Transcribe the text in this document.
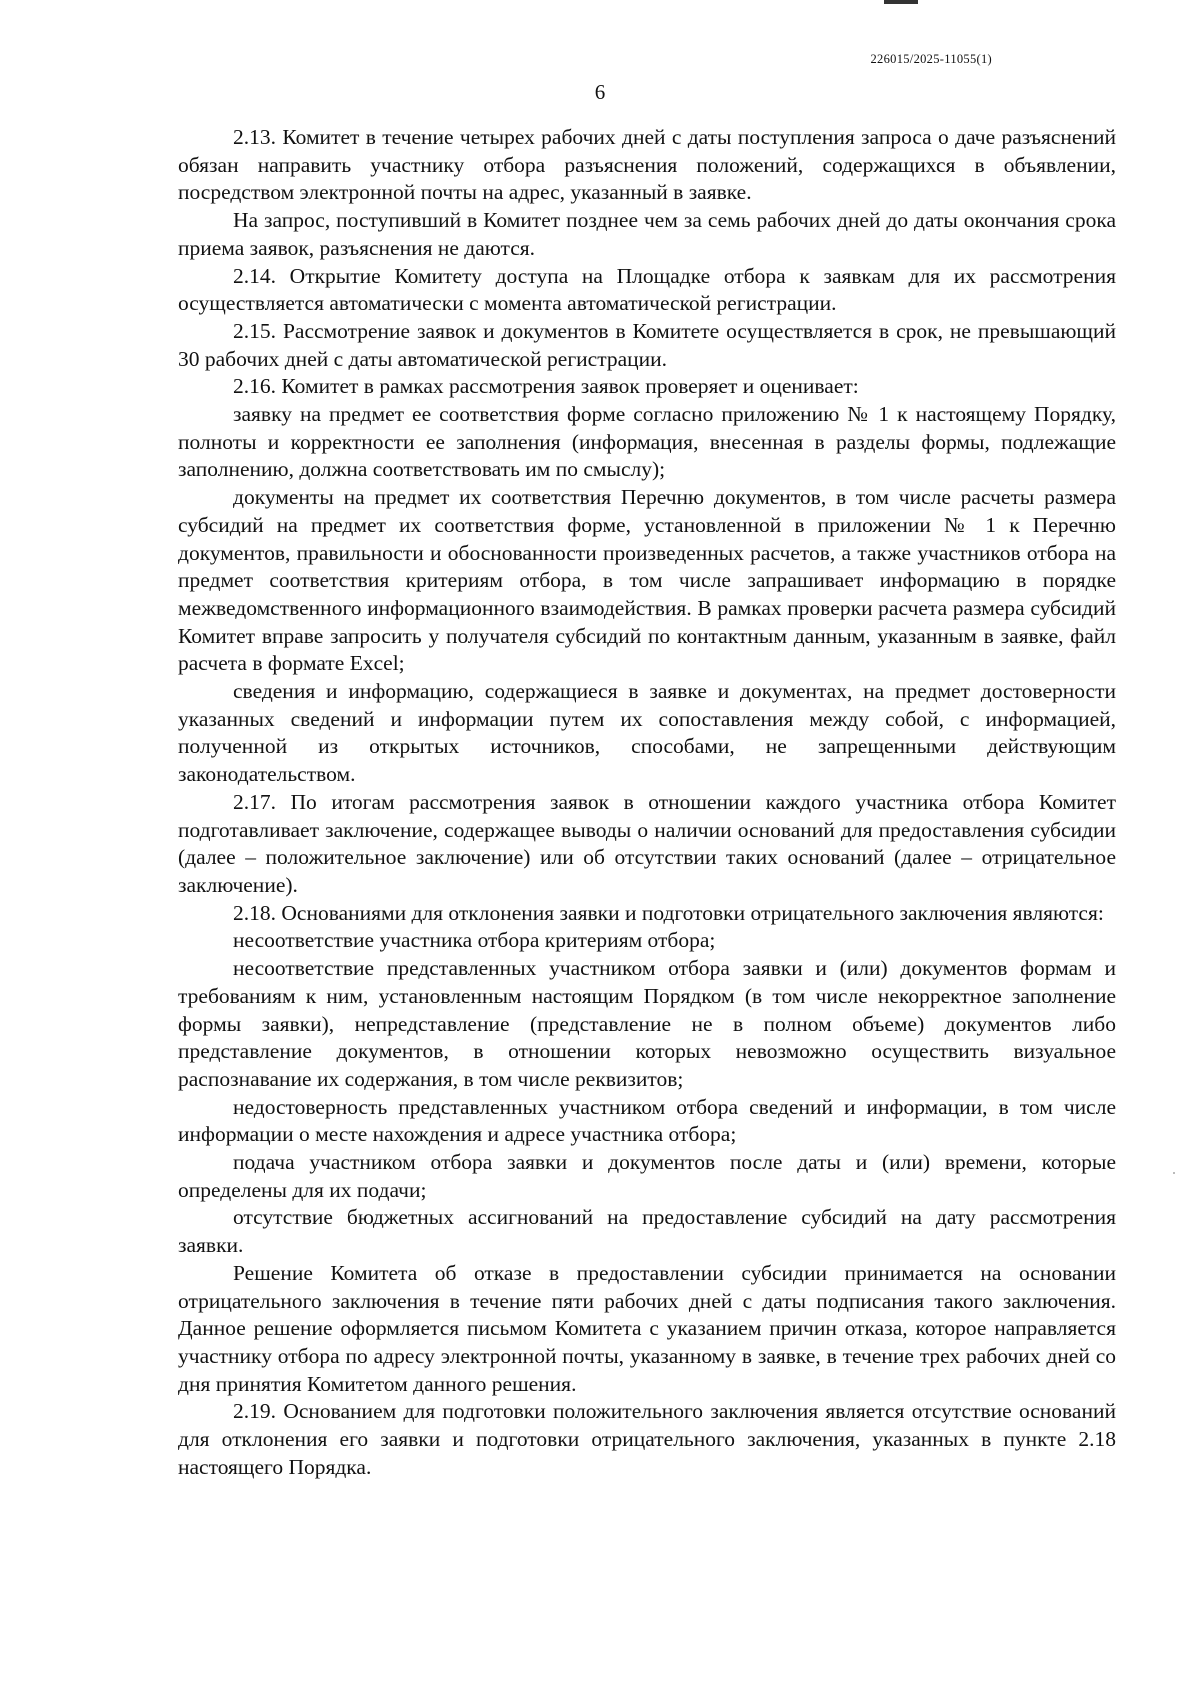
226015/2025-11055(1)
6

2.13. Комитет в течение четырех рабочих дней с даты поступления запроса о даче разъяснений обязан направить участнику отбора разъяснения положений, содержащихся в объявлении, посредством электронной почты на адрес, указанный в заявке.

На запрос, поступивший в Комитет позднее чем за семь рабочих дней до даты окончания срока приема заявок, разъяснения не даются.

2.14. Открытие Комитету доступа на Площадке отбора к заявкам для их рассмотрения осуществляется автоматически с момента автоматической регистрации.

2.15. Рассмотрение заявок и документов в Комитете осуществляется в срок, не превышающий 30 рабочих дней с даты автоматической регистрации.

2.16. Комитет в рамках рассмотрения заявок проверяет и оценивает:

заявку на предмет ее соответствия форме согласно приложению № 1 к настоящему Порядку, полноты и корректности ее заполнения (информация, внесенная в разделы формы, подлежащие заполнению, должна соответствовать им по смыслу);

документы на предмет их соответствия Перечню документов, в том числе расчеты размера субсидий на предмет их соответствия форме, установленной в приложении № 1 к Перечню документов, правильности и обоснованности произведенных расчетов, а также участников отбора на предмет соответствия критериям отбора, в том числе запрашивает информацию в порядке межведомственного информационного взаимодействия. В рамках проверки расчета размера субсидий Комитет вправе запросить у получателя субсидий по контактным данным, указанным в заявке, файл расчета в формате Excel;

сведения и информацию, содержащиеся в заявке и документах, на предмет достоверности указанных сведений и информации путем их сопоставления между собой, с информацией, полученной из открытых источников, способами, не запрещенными действующим законодательством.

2.17. По итогам рассмотрения заявок в отношении каждого участника отбора Комитет подготавливает заключение, содержащее выводы о наличии оснований для предоставления субсидии (далее – положительное заключение) или об отсутствии таких оснований (далее – отрицательное заключение).

2.18. Основаниями для отклонения заявки и подготовки отрицательного заключения являются:

несоответствие участника отбора критериям отбора;

несоответствие представленных участником отбора заявки и (или) документов формам и требованиям к ним, установленным настоящим Порядком (в том числе некорректное заполнение формы заявки), непредставление (представление не в полном объеме) документов либо представление документов, в отношении которых невозможно осуществить визуальное распознавание их содержания, в том числе реквизитов;

недостоверность представленных участником отбора сведений и информации, в том числе информации о месте нахождения и адресе участника отбора;

подача участником отбора заявки и документов после даты и (или) времени, которые определены для их подачи;

отсутствие бюджетных ассигнований на предоставление субсидий на дату рассмотрения заявки.

Решение Комитета об отказе в предоставлении субсидии принимается на основании отрицательного заключения в течение пяти рабочих дней с даты подписания такого заключения. Данное решение оформляется письмом Комитета с указанием причин отказа, которое направляется участнику отбора по адресу электронной почты, указанному в заявке, в течение трех рабочих дней со дня принятия Комитетом данного решения.

2.19. Основанием для подготовки положительного заключения является отсутствие оснований для отклонения его заявки и подготовки отрицательного заключения, указанных в пункте 2.18 настоящего Порядка.
